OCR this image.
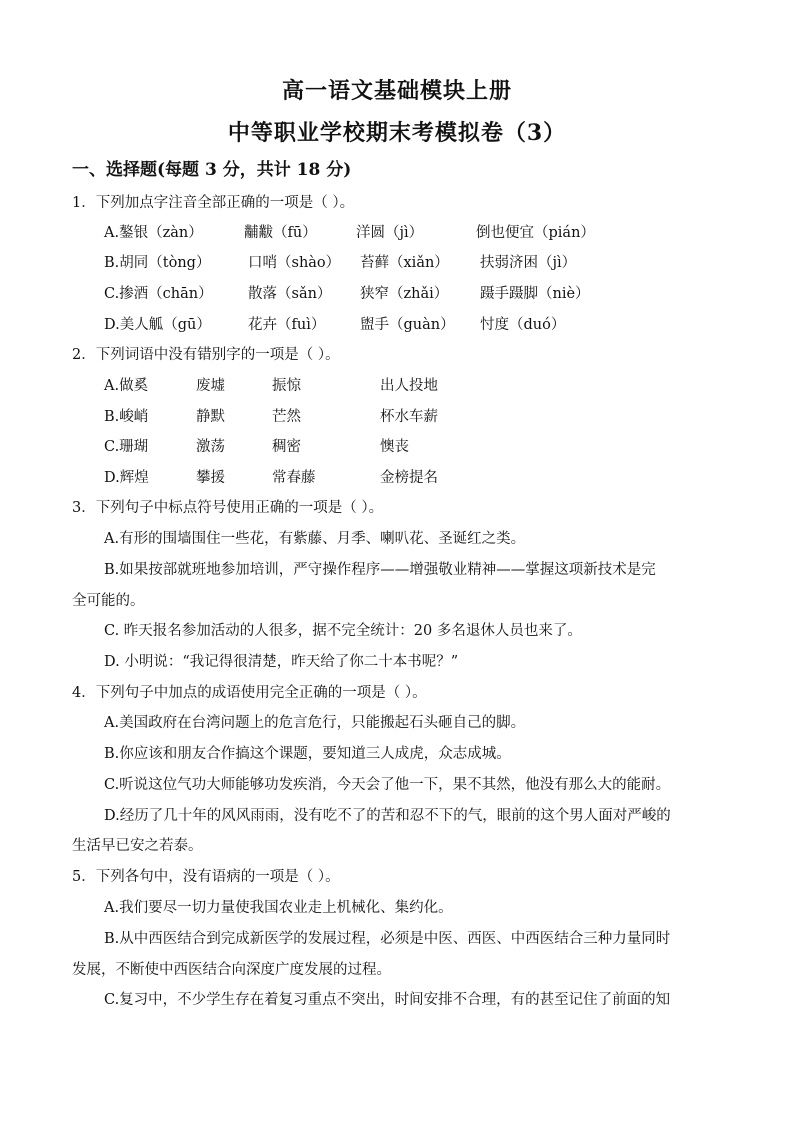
高一语文基础模块上册
中等职业学校期末考模拟卷（3）
一、选择题(每题 3 分，共计 18 分)
1．下列加点字注音全部正确的一项是（ ）。
A.鏊银（zàn）	黼黻（fū）	洋圆（jì）	倒也便宜（pián）
B.胡同（tòng）	口哨（shào） 苔藓（xiǎn） 扶弱济困（jì）
C.掺酒（chān） 散落（sǎn） 狭窄（zhǎi） 蹑手蹑脚（niè）
D.美人觚（gū）	花卉（fuì） 盥手（guàn） 忖度（duó）
2．下列词语中没有错别字的一项是（ ）。
A.做奚	废墟	振惊	出人投地
B.峻峭	静默	芒然	杯水车薪
C.珊瑚	激荡	稠密	懊丧
D.辉煌	攀援	常春藤	金榜提名
3．下列句子中标点符号使用正确的一项是（ ）。
A.有形的围墙围住一些花，有紫藤、月季、喇叭花、圣诞红之类。
B.如果按部就班地参加培训，严守操作程序——增强敬业精神——掌握这项新技术是完
全可能的。
C. 昨天报名参加活动的人很多，据不完全统计：20 多名退休人员也来了。
D. 小明说：“我记得很清楚，昨天给了你二十本书呢？”
4．下列句子中加点的成语使用完全正确的一项是（ ）。
A.美国政府在台湾问题上的危言危行，只能搬起石头砸自己的脚。
B.你应该和朋友合作搞这个课题，要知道三人成虎，众志成城。
C.听说这位气功大师能够功发疾消，今天会了他一下，果不其然，他没有那么大的能耐。
D.经历了几十年的风风雨雨，没有吃不了的苦和忍不下的气，眼前的这个男人面对严峻的
生活早已安之若泰。
5．下列各句中，没有语病的一项是（ ）。
A.我们要尽一切力量使我国农业走上机械化、集约化。
B.从中西医结合到完成新医学的发展过程，必须是中医、西医、中西医结合三种力量同时
发展，不断使中西医结合向深度广度发展的过程。
C.复习中，不少学生存在着复习重点不突出，时间安排不合理，有的甚至记住了前面的知
